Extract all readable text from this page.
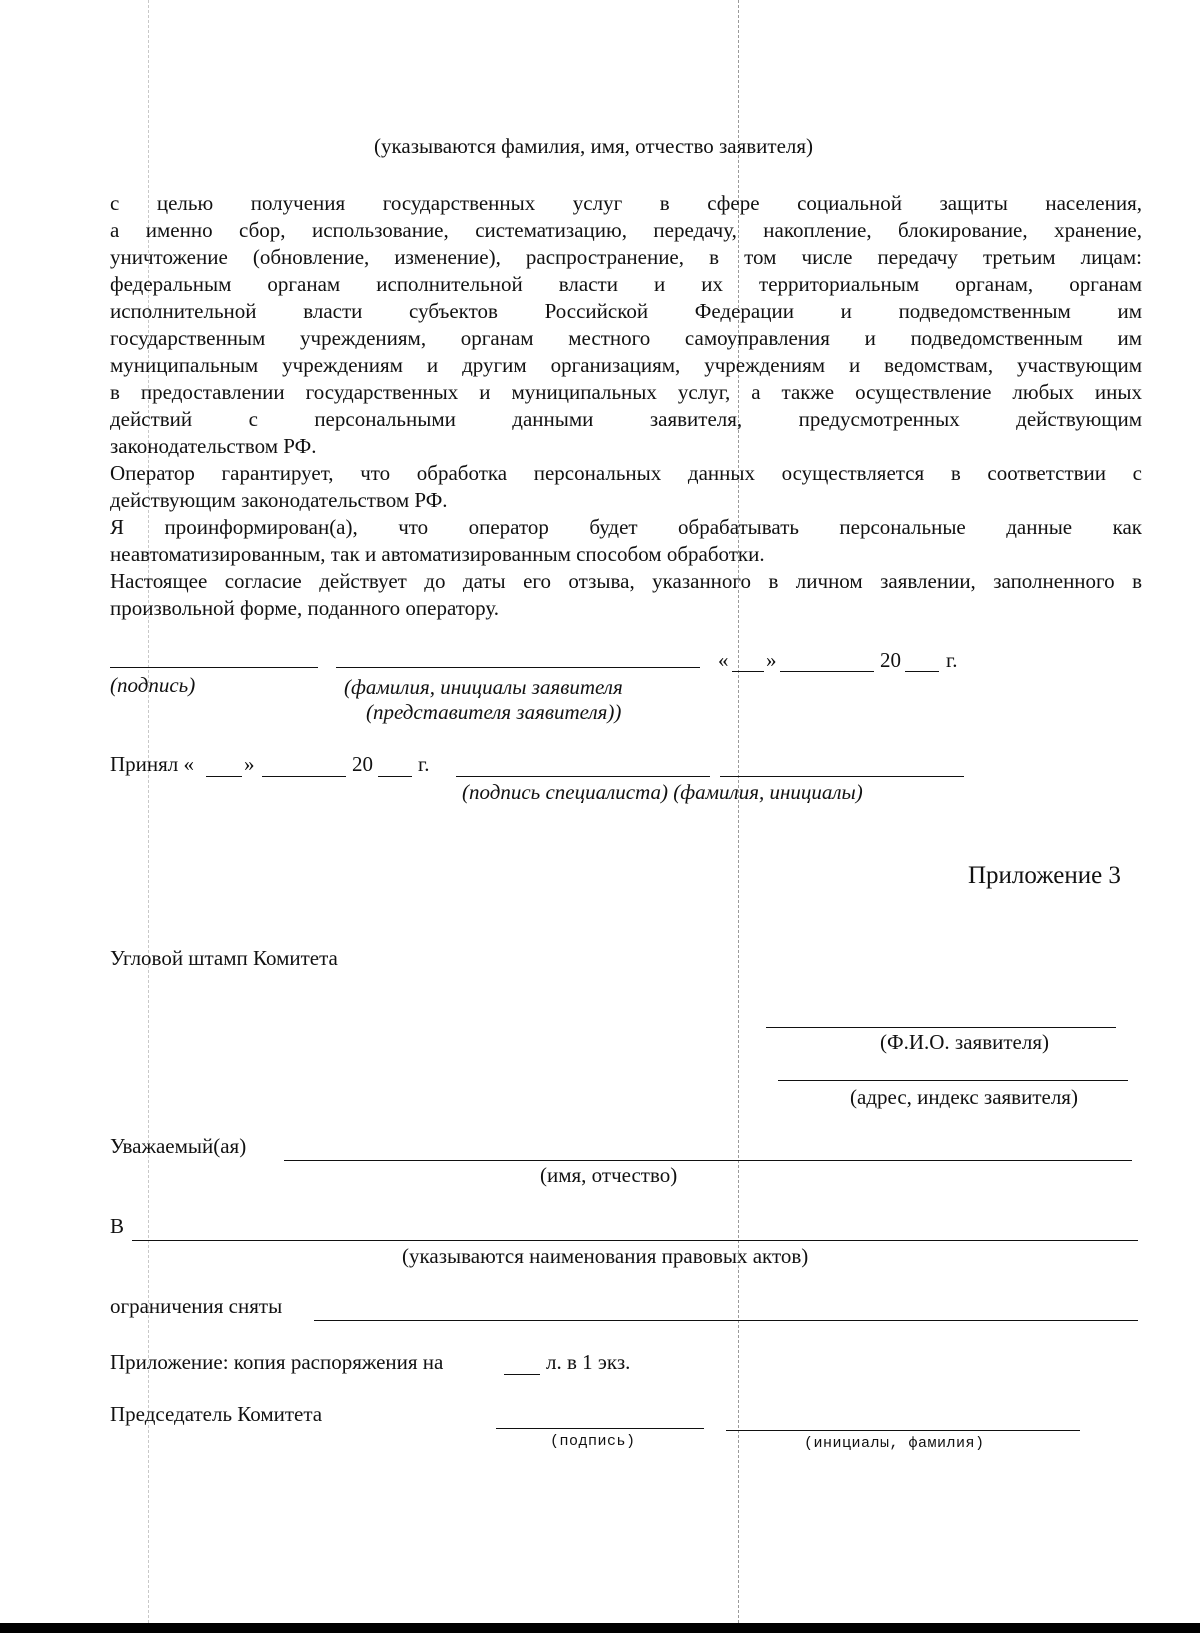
(указываются фамилия, имя, отчество заявителя)
с целью получения государственных услуг в сфере социальной защиты населения,
а именно сбор, использование, систематизацию, передачу, накопление, блокирование, хранение,
уничтожение (обновление, изменение), распространение, в том числе передачу третьим лицам:
федеральным органам исполнительной власти и их территориальным органам, органам
исполнительной власти субъектов Российской Федерации и подведомственным им
государственным учреждениям, органам местного самоуправления и подведомственным им
муниципальным учреждениям и другим организациям, учреждениям и ведомствам, участвующим
в предоставлении государственных и муниципальных услуг, а также осуществление любых иных
действий с персональными данными заявителя, предусмотренных действующим
законодательством РФ.
Оператор гарантирует, что обработка персональных данных осуществляется в соответствии с
действующим законодательством РФ.
Я проинформирован(а), что оператор будет обрабатывать персональные данные как
неавтоматизированным, так и автоматизированным способом обработки.
Настоящее согласие действует до даты его отзыва, указанного в личном заявлении, заполненного в
произвольной форме, поданного оператору.
« »	20 г.
(подпись)	(фамилия, инициалы заявителя
(представителя заявителя))
Принял « »	20 г.
(подпись специалиста) (фамилия, инициалы)
Приложение 3
Угловой штамп Комитета
(Ф.И.О. заявителя)
(адрес, индекс заявителя)
Уважаемый(ая)
(имя, отчество)
В
(указываются наименования правовых актов)
ограничения сняты
Приложение: копия распоряжения на	л. в 1 экз.
Председатель Комитета
(подпись)	(инициалы, фамилия)
